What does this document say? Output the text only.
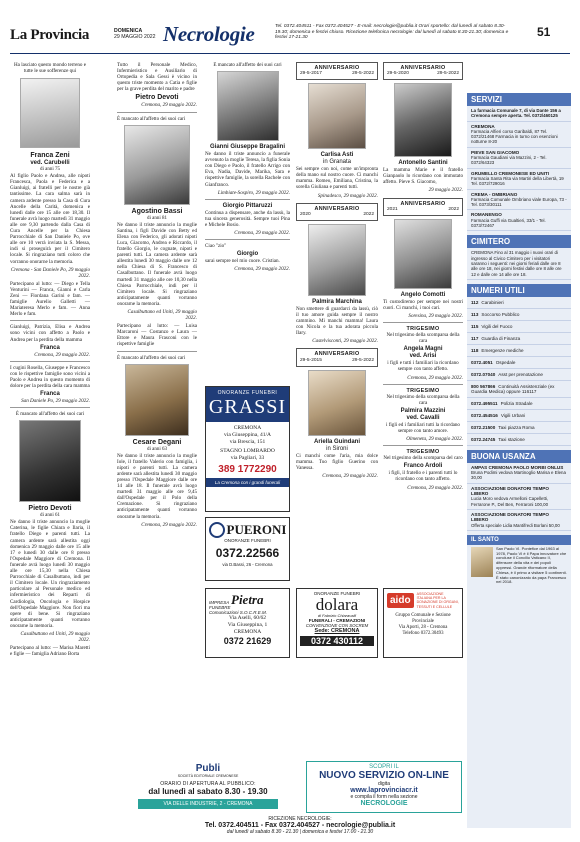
La Provincia	DOMENICA
29 MAGGIO 2022 Necrologie	Tel. 0372.404511 - Fax 0372.404527 - E-mail: necrologie@publia.it Orari sportello: dal lunedì al sabato 8.30-19.30; domenica e festivi chiuso. Ricezione telefonica necrologie: dal lunedì al sabato 8.30-21.30; domenica e festivi 17-21.30	51

Ha lasciato questo mondo terreno e tutte le sue sofferenze qui

Franca Zeni
ved. Carubelli
di anni 75

Al figlio Paolo e Andrea, alle nipoti Francesca, Paola e Federica e a Gianluigi, ai fratelli per le nostre già tantissime. La cara salma sarà in camera ardente presso la Casa di Cura Ancelle della Carità, domenica e lunedì dalle ore 15 alle ore 18,30. Il funerale avrà luogo martedì 31 maggio alle ore 9,30 partendo dalla Casa di Cura Ancelle per la Chiesa Parrocchiale di San Daniele Po, ove alle ore 10 verrà inviata la S. Messa, indi si proseguirà per il Cimitero locale. Si ringraziano tutti coloro che vorranno onorarne la memoria.

Cremona - San Daniele Po, 29 maggio 2022.

Partecipano al lutto: — Diego e Tella Venturini — Franca, Gianni e Carla Zeni — Flordana Garini e fam. — famiglie Aurelio Galletti — Mariateresa Merlo e fam. — Anna Merlo e fam.

Gianluigi, Patrizia, Elisa e Andrea sono vicini con affetto a Paolo e Andrea per la perdita della mamma

Franca

Cremona, 29 maggio 2022.

I cugini Rosella, Giuseppe e Francesco con le rispettive famiglie sono vicini a Paolo e Andrea in questo momento di dolore per la perdita della cara mamma

Franca

San Daniele Po, 29 maggio 2022.

È mancato all'affetto dei suoi cari

Pietro Devoti
di anni 61

Ne danno il triste annuncio la moglie Caterina, le figlie Chiara e Ilaria, il fratello Diego e parenti tutti. La camera ardente sarà allestita oggi domenica 29 maggio dalle ore 15 alle 17 e lunedì 30 dalle ore 8 presso l'Ospedale Maggiore di Cremona. Il funerale avrà luogo lunedì 30 maggio alle ore 15,30 nella Chiesa Parrocchiale di Casalbuttano, indi per il Cimitero locale. Un ringraziamento particolare al Personale medico ed infermieristico dei Reparti di Cardiologia, Oncologia e Hospice dell'Ospedale Maggiore. Non fiori ma opere di bene. Si ringraziano anticipatamente quanti vorranno onorarne la memoria.

Casalbuttano ed Uniti, 29 maggio 2022.

Partecipano al lutto: — Marisa Maretti e figlie — famiglia Adriano Borta

Tutto il Personale Medico, Infermieristico e Ausiliario di Ortopedia e Sala Gessi è vicino in questo triste momento a Catia e figlie per la grave perdita del marito e padre

Pietro Devoti

Cremona, 29 maggio 2022.

È mancato all'affetto dei suoi cari

Agostino Bassi
di anni 81

Ne danno il triste annuncio la moglie Santina, i figli Davide con Betty ed Elena con Federico, gli adorati nipoti Luca, Giacomo, Andrea e Riccardo, il fratello Giorgio, le cognate, nipoti e parenti tutti. La camera ardente sarà allestita lunedì 30 maggio dalle ore 12 nella Chiesa di S. Francesco di Casalbuttano. Il funerale avrà luogo martedì 31 maggio alle ore 10,30 nella Chiesa Parrocchiale, indi per il Cimitero locale. Si ringraziano anticipatamente quanti vorranno onorarne la memoria.

Casalbuttano ed Uniti, 29 maggio 2022.

Partecipano al lutto: — Luisa Marcaroni — Costanzo e Laura — Ettore e Maura Frasconi con le rispettive famiglie

È mancato all'affetto dei suoi cari

Cesare Degani
di anni 63

Ne danno il triste annuncio la moglie Iole, il fratello Valerio con famiglia, i nipoti e parenti tutti. La camera ardente sarà allestita lunedì 30 maggio presso l'Ospedale Maggiore dalle ore 14 alle 18. Il funerale avrà luogo martedì 31 maggio alle ore 9,45 dall'Ospedale per il Polo della Cremazione. Si ringraziano anticipatamente quanti vorranno onorarne la memoria.

Cremona, 29 maggio 2022.

È mancato all'affetto dei suoi cari

Gianni Giuseppe Bragalini

Ne danno il triste annuncio a funerale avvenuto la moglie Teresa, la figlia Sonia con Diego e Paolo, il fratello Arrigo con Eva, Nadia, Davide, Marika, Sara e rispettive famiglie, la sorella Rachele con Gianfranco.

Limbiate-Sospiro, 29 maggio 2022.

Giorgio Pittaruzzi

Continua a dispensare, anche da lassù, la tua sincera generosità. Sempre tuoi Pina e Michele Bosio.

Cremona, 29 maggio 2022.

Ciao "zio"

Giorgio

sarai sempre nel mio cuore. Cristian.

Cremona, 29 maggio 2022.

ONORANZE FUNEBRI
GRASSI
CREMONA
via Giuseppina, 41/A
via Brescia, 151
STAGNO LOMBARDO
via Pagliari, 33
389 1772290
La Cremona con i grandi funerali
PUERONI
ONORANZE FUNEBRI
0372.22566
via D.Bassi, 26 - Cremona
IMPRESA FUNEBRE
Pietra
Comunicazioni S.O.C.R.E.M.
Via Aselli, 60/62
Via Giuseppina, 1
CREMONA
0372 21629
ANNIVERSARIO
29-5-2017	29-5-2022
Carlisa Asti
in Granata

Sei sempre con noi, come un'impronta della mano sul nostro cuore. Ci manchi mamma. Romeo, Emiliana, Cristina, la sorella Giuliana e parenti tutti.

Spinadesco, 29 maggio 2022.

ANNIVERSARIO
2020	2022
Palmira Marchina

Non smettere di guardarci da lassù, ciò il tuo amore guida sempre il nostro cammino. Mi manchi mamma! Laura con Nicola e la tua adorata piccola Ilary.

Castelvisconti, 29 maggio 2022.

ANNIVERSARIO
29-5-2015	29-5-2022
Ariella Guindani
in Sironi

Ci manchi come l'aria, mia dolce mamma. Tuo figlio Guerino con Vanessa.

Cremona, 29 maggio 2022.

ONORANZE FUNEBRI
dolara
di Fabrizio Chiaravalli
FUNERALI - CREMAZIONI
CONVENZIONE CON SOCREM
Sede: CREMONA
0372 430112
ANNIVERSARIO
29-5-2020	29-5-2022
Antonello Santini

La mamma Marie e il fratello Gianpaolo lo ricordano con immutato affetto. Pieve S. Giacomo,

29 maggio 2022.

ANNIVERSARIO
2021	2022
Angelo Comotti

Ti custodiremo per sempre nei nostri cuori. Ci manchi, i tuoi cari.

Soresina, 29 maggio 2022.

TRIGESIMO

Nel trigesimo della scomparsa della cara

Angela Magni
ved. Arisi

i figli e tutti i familiari la ricordano sempre con tanto affetto.

Cremona, 29 maggio 2022.

TRIGESIMO

Nel trigesimo della scomparsa della cara

Palmira Mazzini
ved. Cavalli

i figli ed i familiari tutti la ricordano sempre con tanto amore.

Olmeneta, 29 maggio 2022.

TRIGESIMO

Nel trigesimo della scomparsa del caro

Franco Ardoli

i figli, il fratello e i parenti tutti lo ricordano con tanto affetto.

Cremona, 29 maggio 2022.

aido
ASSOCIAZIONE ITALIANA PER LA DONAZIONE DI ORGANI, TESSUTI E CELLULE
Gruppo Comunale e Sezione Provinciale
Via Aporti, 28 - Cremona
Telefono 0372.30493
SERVIZI
La farmacia Comunale 7, di via Dante 156 a Cremona sempre aperta. Tel. 0372/460125
CREMONA
Farmacia Alfieri corso Garibaldi, 87 Tel. 0372/21468 Farmacia in turno con esenzioni notturne 8-20
PIEVE SAN GIACOMO
Farmacia Gaudiani via Mazzini, 2 - Tel. 0372/64323
GRUMELLO CREMONESE ED UNITI
Farmacia Santa Rita via Martiri della Libertà, 19 Tel. 0372/729016
CREMA - OMBRIANO
Farmacia Comunale Ombriano viale Europa, 73 - Tel. 0373/30111
ROMANENGO
Farmacia Guffi via Gualtieri, 33/1 - Tel. 0373/72467
CIMITERO
CREMONA Fino al 31 maggio i nuovi orari di ingresso al Civico Cimitero per i visitatori saranno i seguenti: nei giorni feriali dalle ore 8 alle ore 18, nei giorni festivi dalle ore 8 alle ore 12 e dalle ore 14 alle ore 18.
NUMERI UTILI
112 Carabinieri
113 Soccorso Pubblico
115 Vigili del Fuoco
117 Guardia di Finanza
118 Emergenze mediche
0372.4051 Ospedale
0372.07040 Asst per prenotazione
800 567866 Continuità Assistenziale (ex Guardia Medica) oppure 116117
0372.495511 Polizia Stradale
0372.454516 Vigili Urbani
0372.21500 Taxi piazza Roma
0372.24745 Taxi stazione
BUONA USANZA
AMPAS CREMONA PAOLO MORBI ONLUS
Bruna Podimi vedova Martinoglio Marisa e Elena 30,00
ASSOCIAZIONE DONATORI TEMPO LIBERO
Lucia Moro vedova Armelloni Capelletti, Ferrarone P., Del Ben, Ferraroni 100,00
ASSOCIAZIONE DONATORI TEMPO LIBERO
Offerta speciale Lidia Mantifredi Borlani 50,00
IL SANTO
San Paolo VI. Pontefice dal 1963 al 1978, Paolo VI è il Papa innovatore che concluse il Concilio Vaticano II, difensore della vita e dei popoli oppressi. Grande riformatore della Chiesa, è il primo a visitare 5 continenti. È stato canonizzato da papa Francesco nel 2018.
Publi
SOCIETÀ EDITORIALE CREMONESE
ORARIO DI APERTURA AL PUBBLICO:
dal lunedì al sabato 8.30 - 19.30
VIA DELLE INDUSTRIE, 2 - CREMONA
SCOPRI IL
NUOVO SERVIZIO ON-LINE
digita
www.laprovinciacr.it
e compila il form nella sezione
NECROLOGIE
RICEZIONE NECROLOGIE:
Tel. 0372.404511 - Fax 0372.404527 - necrologie@publia.it
dal lunedì al sabato 8.30 - 21.30 | domenica e festivi 17.00 - 21.30
